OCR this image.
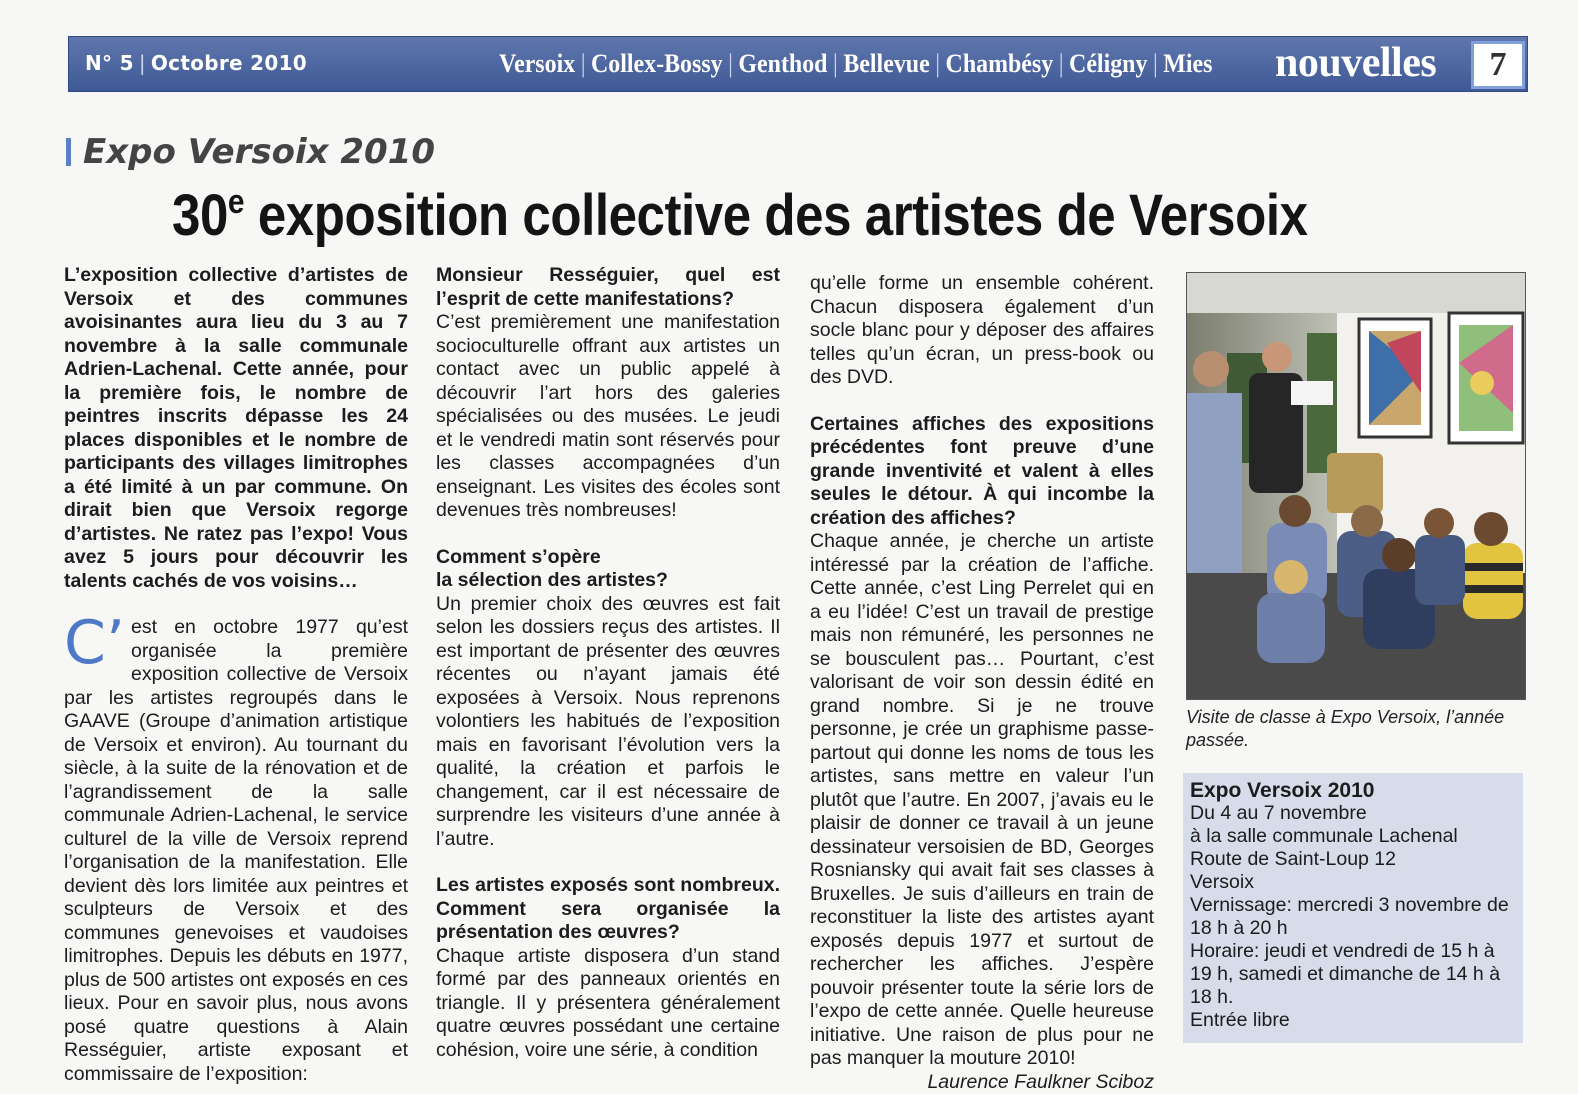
N° 5 | Octobre 2010	Versoix | Collex-Bossy | Genthod | Bellevue | Chambésy | Céligny | Mies nouvelles	7
Expo Versoix 2010
30e exposition collective des artistes de Versoix

L’exposition collective d’artistes de Versoix et des communes avoisinantes aura lieu du 3 au 7 novembre à la salle communale Adrien-Lachenal. Cette année, pour la première fois, le nombre de peintres inscrits dépasse les 24 places disponibles et le nombre de participants des villages limitrophes a été limité à un par commune. On dirait bien que Versoix regorge d’artistes. Ne ratez pas l’expo! Vous avez 5 jours pour découvrir les talents cachés de vos voisins…

C’ est en octobre 1977 qu’est organisée la première exposition collective de Versoix par les artistes regroupés dans le GAAVE (Groupe d’animation artistique de Versoix et environ). Au tournant du siècle, à la suite de la rénovation et de l’agrandissement de la salle communale Adrien-Lachenal, le service culturel de la ville de Versoix reprend l’organisation de la manifestation. Elle devient dès lors limitée aux peintres et sculpteurs de Versoix et des communes genevoises et vaudoises limitrophes. Depuis les débuts en 1977, plus de 500 artistes ont exposés en ces lieux. Pour en savoir plus, nous avons posé quatre questions à Alain Rességuier, artiste exposant et commissaire de l’exposition:

Monsieur Rességuier, quel est l’esprit de cette manifestations?

C’est premièrement une manifestation socioculturelle offrant aux artistes un contact avec un public appelé à découvrir l’art hors des galeries spécialisées ou des musées. Le jeudi et le vendredi matin sont réservés pour les classes accompagnées d’un enseignant. Les visites des écoles sont devenues très nombreuses!

Comment s’opère
la sélection des artistes?

Un premier choix des œuvres est fait selon les dossiers reçus des artistes. Il est important de présenter des œuvres récentes ou n’ayant jamais été exposées à Versoix. Nous reprenons volontiers les habitués de l’exposition mais en favorisant l’évolution vers la qualité, la création et parfois le changement, car il est nécessaire de surprendre les visiteurs d’une année à l’autre.

Les artistes exposés sont nombreux. Comment sera organisée la présentation des œuvres?

Chaque artiste disposera d’un stand formé par des panneaux orientés en triangle. Il y présentera généralement quatre œuvres possédant une certaine cohésion, voire une série, à condition

qu’elle forme un ensemble cohérent. Chacun disposera également d’un socle blanc pour y déposer des affaires telles qu’un écran, un press-book ou des DVD.

Certaines affiches des expositions précédentes font preuve d’une grande inventivité et valent à elles seules le détour. À qui incombe la création des affiches?

Chaque année, je cherche un artiste intéressé par la création de l’affiche. Cette année, c’est Ling Perrelet qui en a eu l’idée! C’est un travail de prestige mais non rémunéré, les personnes ne se bousculent pas… Pourtant, c’est valorisant de voir son dessin édité en grand nombre. Si je ne trouve personne, je crée un graphisme passe-partout qui donne les noms de tous les artistes, sans mettre en valeur l’un plutôt que l’autre. En 2007, j’avais eu le plaisir de donner ce travail à un jeune dessinateur versoisien de BD, Georges Rosniansky qui avait fait ses classes à Bruxelles. Je suis d’ailleurs en train de reconstituer la liste des artistes ayant exposés depuis 1977 et surtout de rechercher les affiches. J’espère pouvoir présenter toute la série lors de l’expo de cette année. Quelle heureuse initiative. Une raison de plus pour ne pas manquer la mouture 2010!

Laurence Faulkner Sciboz

Visite de classe à Expo Versoix, l’année passée.

Expo Versoix 2010

Du 4 au 7 novembre

à la salle communale Lachenal

Route de Saint-Loup 12

Versoix

Vernissage: mercredi 3 novembre de 18 h à 20 h

Horaire: jeudi et vendredi de 15 h à 19 h, samedi et dimanche de 14 h à 18 h.

Entrée libre
